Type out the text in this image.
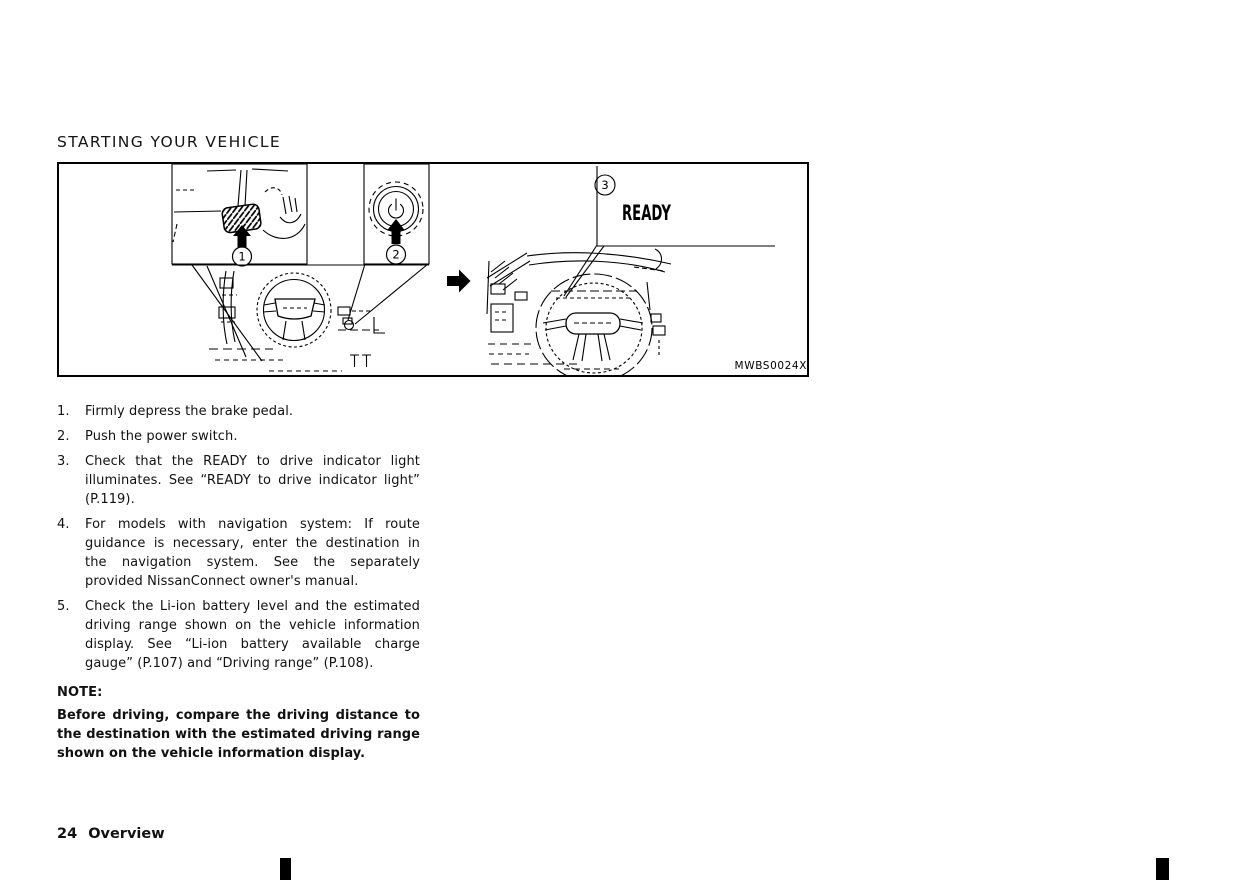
STARTING YOUR VEHICLE
1	2
3
READY
MWBS0024X
1.	Firmly depress the brake pedal.
2.	Push the power switch.
3.	Check that the READY to drive indicator light illuminates. See “READY to drive indicator light” (P.119).
4.	For models with navigation system: If route guidance is necessary, enter the destination in the navigation system. See the separately provided NissanConnect owner's manual.
5.	Check the Li-ion battery level and the estimated driving range shown on the vehicle information display. See “Li-ion battery available charge gauge” (P.107) and “Driving range” (P.108).
NOTE:
Before driving, compare the driving distance to the destination with the estimated driving range shown on the vehicle information display.
24 Overview
